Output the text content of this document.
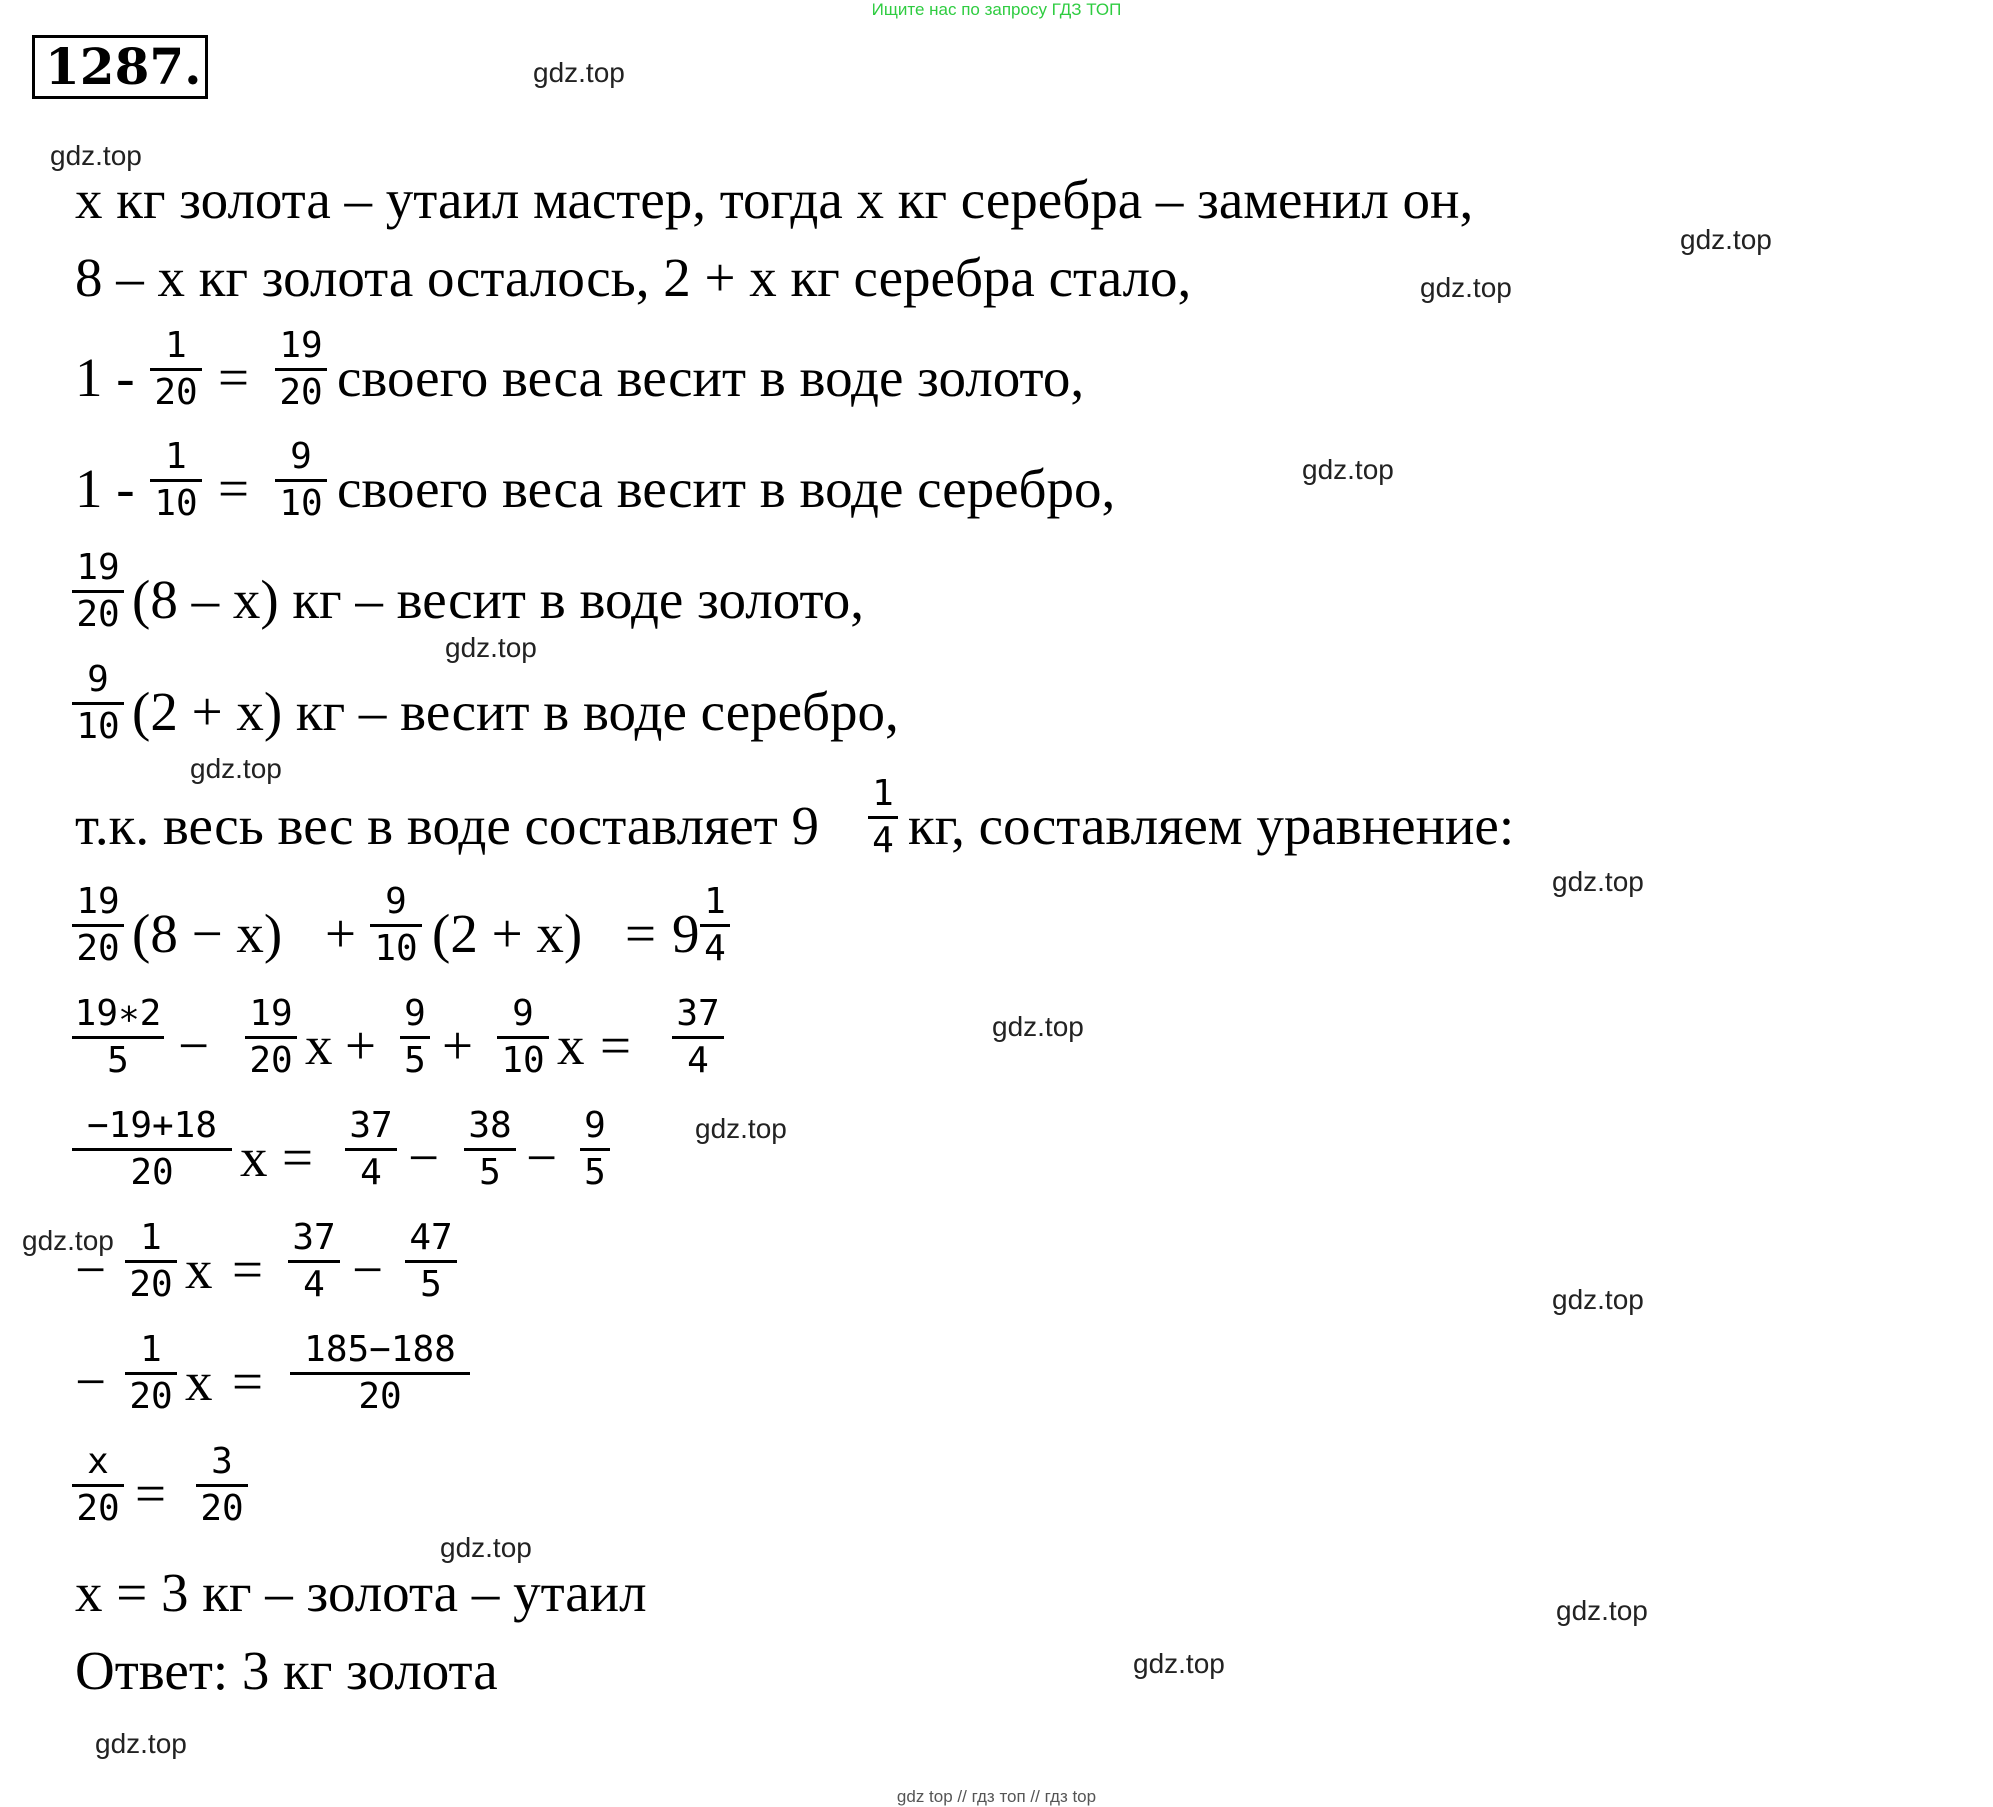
Ищите нас по запросу ГДЗ ТОП
gdz top // гдз топ // гдз top
1287.	gdz.top
gdz.top
gdz.top
gdz.top
gdz.top
gdz.top
gdz.top
gdz.top
gdz.top
gdz.top
gdz.top
gdz.top
gdz.top
gdz.top
gdz.top
gdz.top
x кг золота – утаил мастер, тогда x кг серебра – заменил он,
8 – x кг золота осталось, 2 + x кг серебра стало,
1 -
1
20 =
19
20 своего веса весит в воде золото,
1 -
1
10 =
9
10 своего веса весит в воде серебро,
19
20 (8 – x) кг – весит в воде золото,
9
10 (2 + x) кг – весит в воде серебро,
т.к. весь вес в воде составляет 9
1
4 кг, составляем уравнение:
19
20 (8 − x) +
9
10 (2 + x) = 9
1
4
19∗2
5 −
19
20 x +
9
5 +
9
10 x =
37
4
−19+18
20	x =
37
4 −
38
5 −
9
5
−
1
20 x =
37
4 −
47
5
−
1
20 x =
185−188
20
x
20 =
3
20
x = 3 кг – золота – утаил
Ответ: 3 кг золота
